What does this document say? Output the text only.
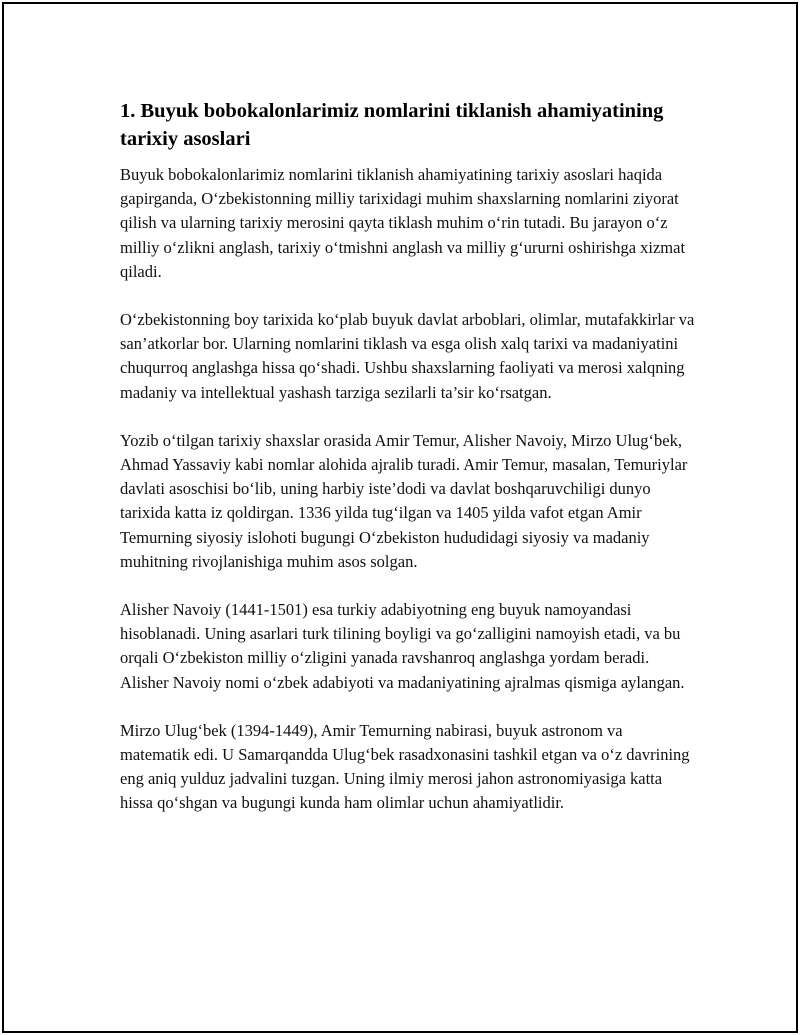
1. Buyuk bobokalonlarimiz nomlarini tiklanish ahamiyatining tarixiy asoslari

Buyuk bobokalonlarimiz nomlarini tiklanish ahamiyatining tarixiy asoslari haqida gapirganda, O‘zbekistonning milliy tarixidagi muhim shaxslarning nomlarini ziyorat qilish va ularning tarixiy merosini qayta tiklash muhim o‘rin tutadi. Bu jarayon o‘z milliy o‘zlikni anglash, tarixiy o‘tmishni anglash va milliy g‘ururni oshirishga xizmat qiladi.

O‘zbekistonning boy tarixida ko‘plab buyuk davlat arboblari, olimlar, mutafakkirlar va san’atkorlar bor. Ularning nomlarini tiklash va esga olish xalq tarixi va madaniyatini chuqurroq anglashga hissa qo‘shadi. Ushbu shaxslarning faoliyati va merosi xalqning madaniy va intellektual yashash tarziga sezilarli ta’sir ko‘rsatgan.

Yozib o‘tilgan tarixiy shaxslar orasida Amir Temur, Alisher Navoiy, Mirzo Ulug‘bek, Ahmad Yassaviy kabi nomlar alohida ajralib turadi. Amir Temur, masalan, Temuriylar davlati asoschisi bo‘lib, uning harbiy iste’dodi va davlat boshqaruvchiligi dunyo tarixida katta iz qoldirgan. 1336 yilda tug‘ilgan va 1405 yilda vafot etgan Amir Temurning siyosiy islohoti bugungi O‘zbekiston hududidagi siyosiy va madaniy muhitning rivojlanishiga muhim asos solgan.

Alisher Navoiy (1441-1501) esa turkiy adabiyotning eng buyuk namoyandasi hisoblanadi. Uning asarlari turk tilining boyligi va go‘zalligini namoyish etadi, va bu orqali O‘zbekiston milliy o‘zligini yanada ravshanroq anglashga yordam beradi. Alisher Navoiy nomi o‘zbek adabiyoti va madaniyatining ajralmas qismiga aylangan.

Mirzo Ulug‘bek (1394-1449), Amir Temurning nabirasi, buyuk astronom va matematik edi. U Samarqandda Ulug‘bek rasadxonasini tashkil etgan va o‘z davrining eng aniq yulduz jadvalini tuzgan. Uning ilmiy merosi jahon astronomiyasiga katta hissa qo‘shgan va bugungi kunda ham olimlar uchun ahamiyatlidir.
